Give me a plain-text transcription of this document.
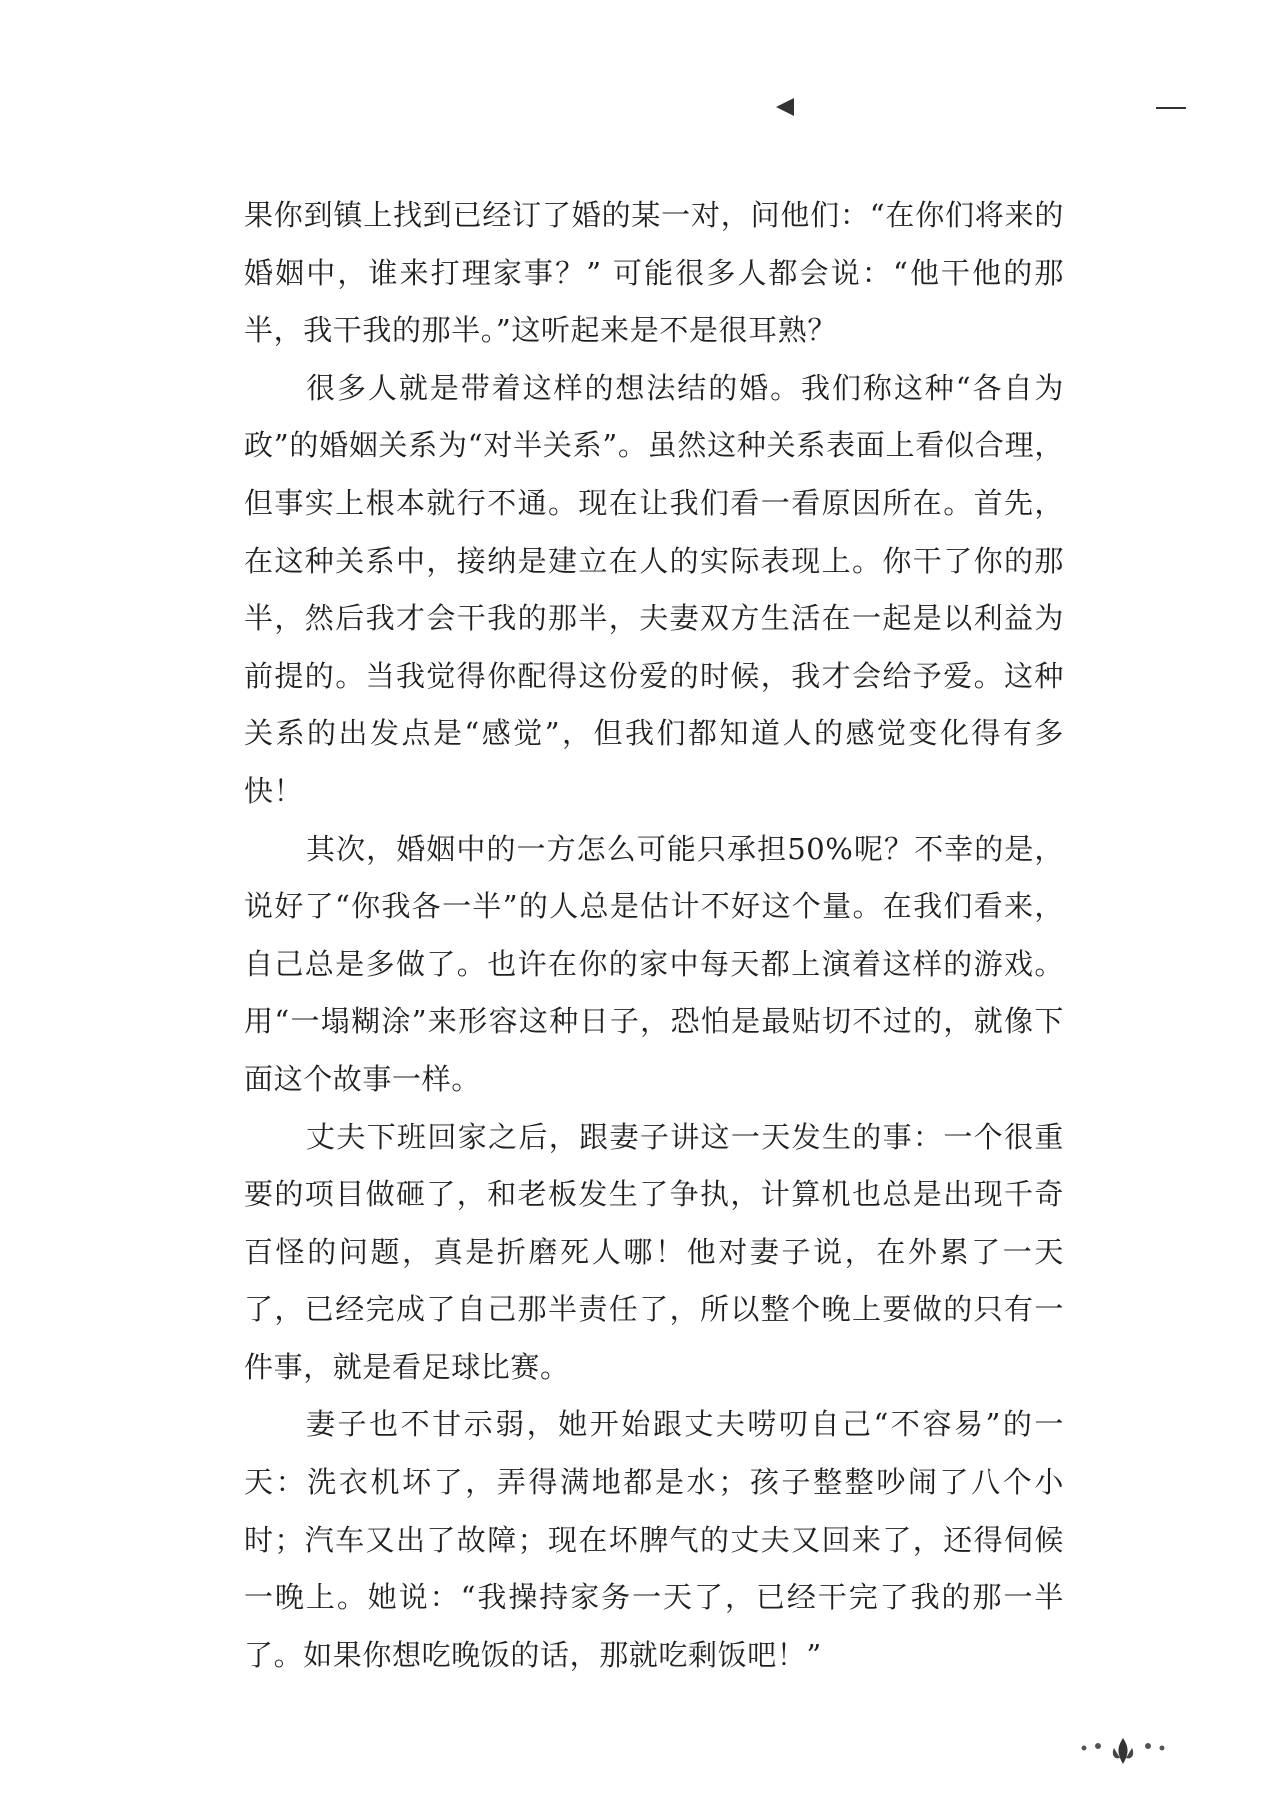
果你到镇上找到已经订了婚的某一对，问他们：“在你们将来的婚姻中，谁来打理家事？” 可能很多人都会说：“他干他的那半，我干我的那半。”这听起来是不是很耳熟？

很多人就是带着这样的想法结的婚。我们称这种“各自为政”的婚姻关系为“对半关系”。虽然这种关系表面上看似合理，但事实上根本就行不通。现在让我们看一看原因所在。首先，在这种关系中，接纳是建立在人的实际表现上。你干了你的那半，然后我才会干我的那半，夫妻双方生活在一起是以利益为前提的。当我觉得你配得这份爱的时候，我才会给予爱。这种关系的出发点是“感觉”，但我们都知道人的感觉变化得有多快！

其次，婚姻中的一方怎么可能只承担50%呢？不幸的是，说好了“你我各一半”的人总是估计不好这个量。在我们看来，自己总是多做了。也许在你的家中每天都上演着这样的游戏。用“一塌糊涂”来形容这种日子，恐怕是最贴切不过的，就像下面这个故事一样。

丈夫下班回家之后，跟妻子讲这一天发生的事：一个很重要的项目做砸了，和老板发生了争执，计算机也总是出现千奇百怪的问题，真是折磨死人哪！他对妻子说，在外累了一天了，已经完成了自己那半责任了，所以整个晚上要做的只有一件事，就是看足球比赛。

妻子也不甘示弱，她开始跟丈夫唠叨自己“不容易”的一天：洗衣机坏了，弄得满地都是水；孩子整整吵闹了八个小时；汽车又出了故障；现在坏脾气的丈夫又回来了，还得伺候一晚上。她说：“我操持家务一天了，已经干完了我的那一半了。如果你想吃晚饭的话，那就吃剩饭吧！”
